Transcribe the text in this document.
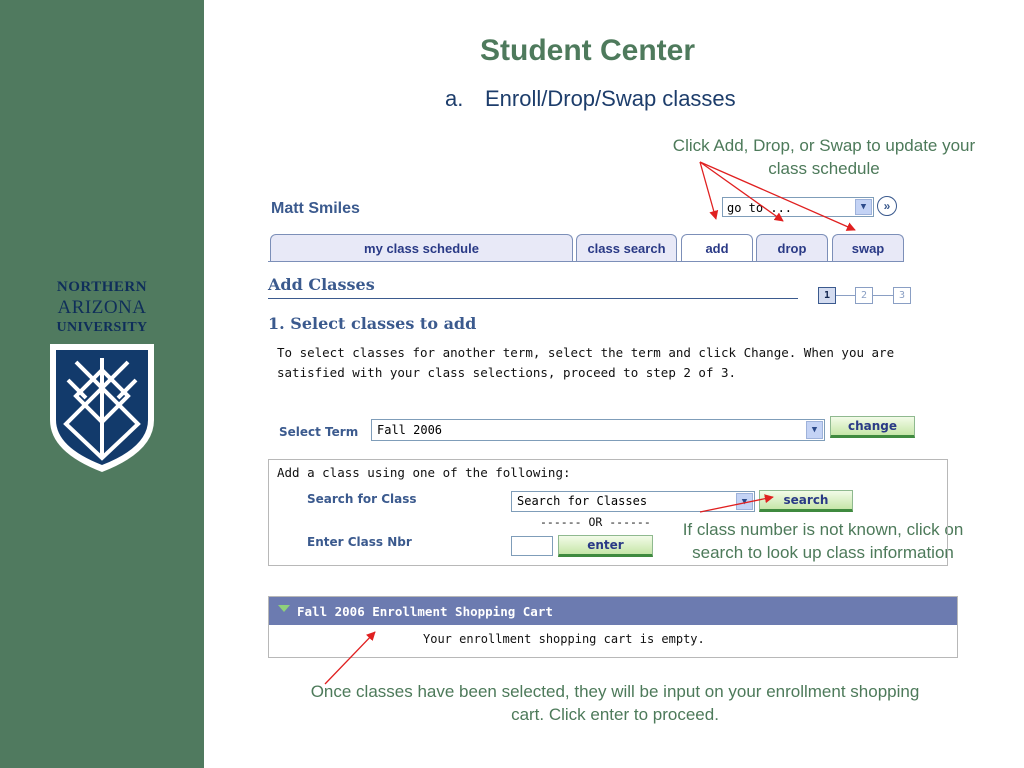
NORTHERN
ARIZONA
UNIVERSITY
Student Center
a. Enroll/Drop/Swap classes
Click Add, Drop, or Swap to update your class schedule
If class number is not known, click on search to look up class information
Once classes have been selected, they will be input on your enrollment shopping cart. Click enter to proceed.
Matt Smiles	go to ...	▼	»
my class schedule	class search	add	drop	swap
Add Classes
1	2	3
1. Select classes to add
To select classes for another term, select the term and click Change. When you are satisfied with your class selections, proceed to step 2 of 3.
Select Term	Fall 2006	▼	change
Add a class using one of the following:
Search for Class	Search for Classes	▼	search
------ OR ------
Enter Class Nbr	enter
Fall 2006 Enrollment Shopping Cart
Your enrollment shopping cart is empty.
